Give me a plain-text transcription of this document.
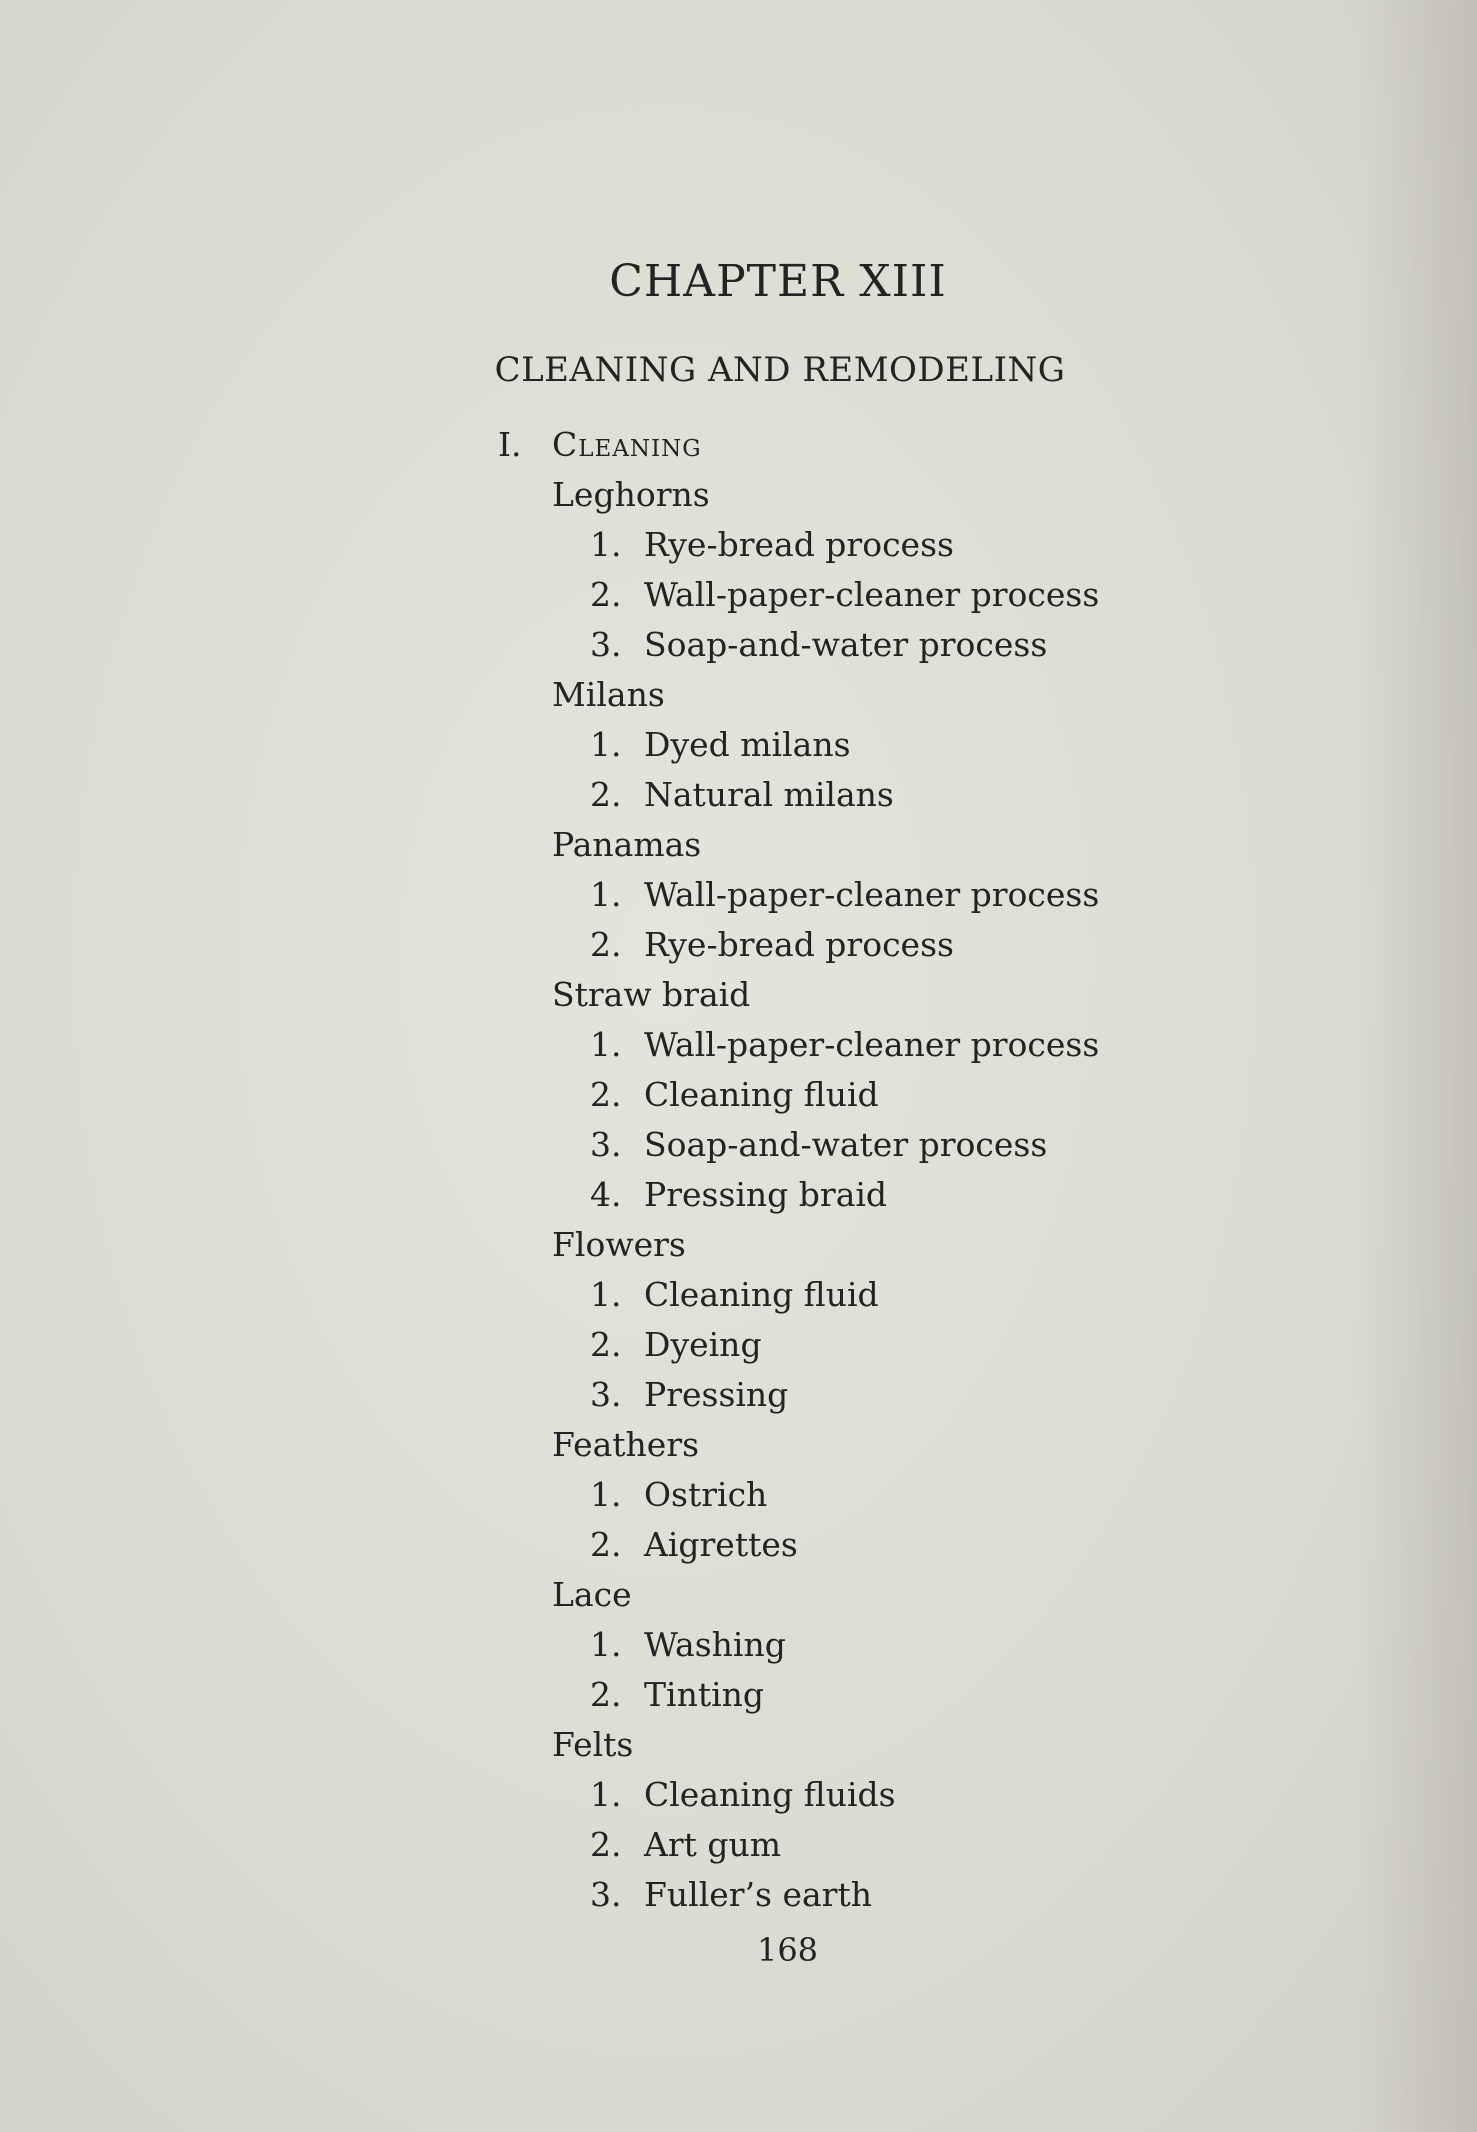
CHAPTER XIII
CLEANING AND REMODELING
I. Cleaning
Leghorns
1. Rye-bread process
2. Wall-paper-cleaner process
3. Soap-and-water process
Milans
1. Dyed milans
2. Natural milans
Panamas
1. Wall-paper-cleaner process
2. Rye-bread process
Straw braid
1. Wall-paper-cleaner process
2. Cleaning fluid
3. Soap-and-water process
4. Pressing braid
Flowers
1. Cleaning fluid
2. Dyeing
3. Pressing
Feathers
1. Ostrich
2. Aigrettes
Lace
1. Washing
2. Tinting
Felts
1. Cleaning fluids
2. Art gum
3. Fuller’s earth
168
